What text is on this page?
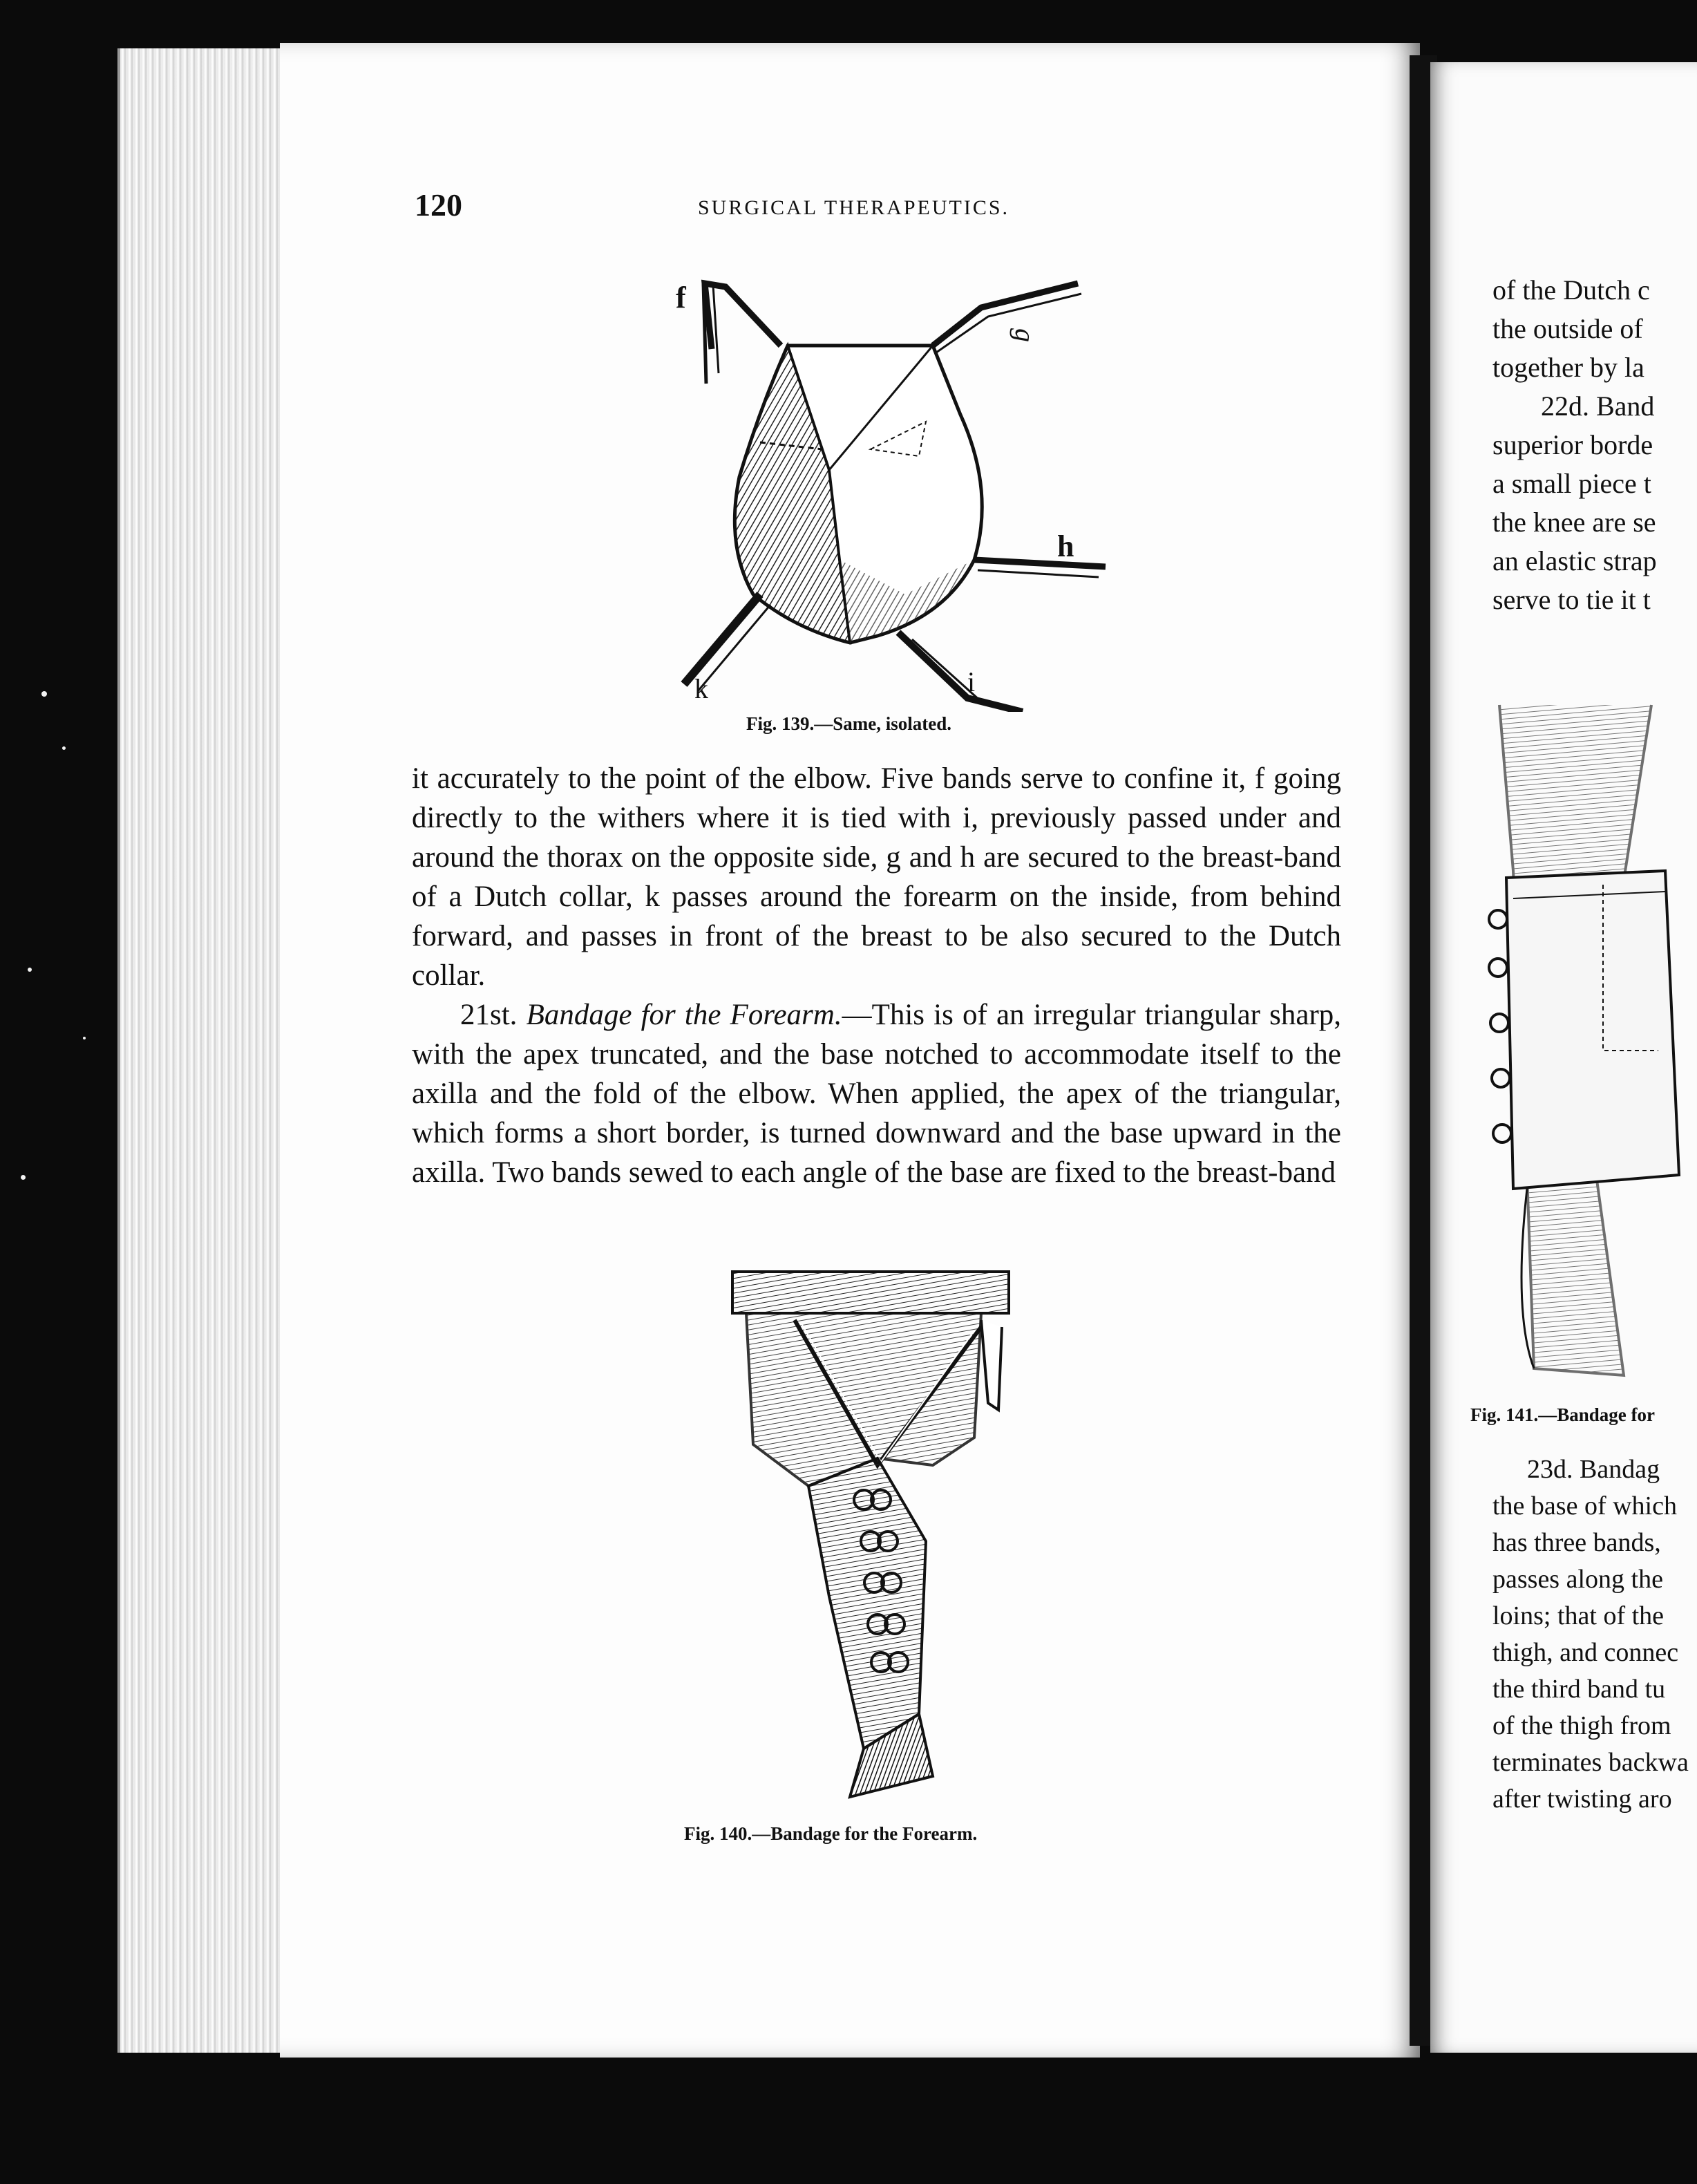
120	SURGICAL THERAPEUTICS.
f
g
h
k	i
Fig. 139.—Same, isolated.

it accurately to the point of the elbow. Five bands serve to confine it, f going directly to the withers where it is tied with i, previously passed under and around the thorax on the opposite side, g and h are secured to the breast-band of a Dutch collar, k passes around the forearm on the inside, from behind forward, and passes in front of the breast to be also secured to the Dutch collar.

21st. Bandage for the Forearm.—This is of an irregular triangular sharp, with the apex truncated, and the base notched to accommodate itself to the axilla and the fold of the elbow. When applied, the apex of the triangular, which forms a short border, is turned downward and the base upward in the axilla. Two bands sewed to each angle of the base are fixed to the breast-band

Fig. 140.—Bandage for the Forearm.
of the Dutch c
the outside of
together by la
22d. Band
superior borde
a small piece t
the knee are se
an elastic strap
serve to tie it t
Fig. 141.—Bandage for
23d. Bandag
the base of which
has three bands,
passes along the
loins; that of the
thigh, and connec
the third band tu
of the thigh from
terminates backwa
after twisting aro
